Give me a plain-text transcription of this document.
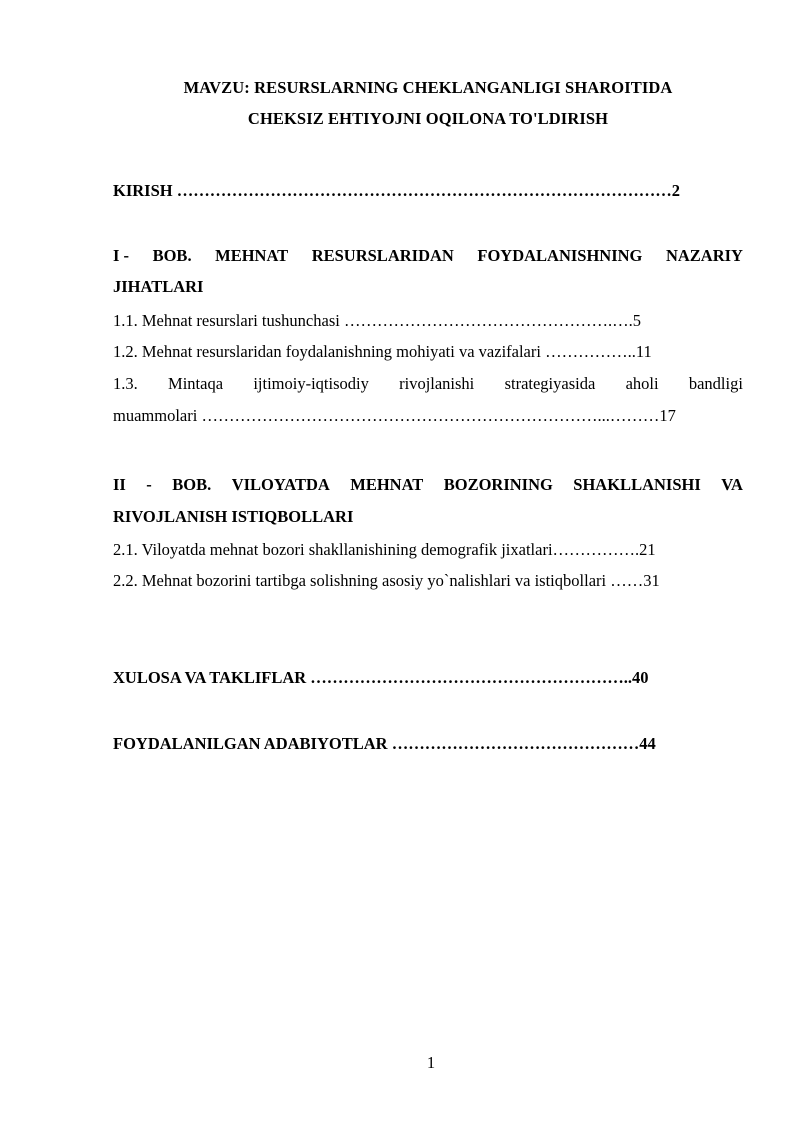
MAVZU: RESURSLARNING CHEKLANGANLIGI SHAROITIDA
CHEKSIZ EHTIYOJNI OQILONA TO'LDIRISH
KIRISH ………………………………………………………………………………2
I - BOB. MEHNAT RESURSLARIDAN FOYDALANISHNING NAZARIY
JIHATLARI
1.1. Mehnat resurslari tushunchasi ………………………………………….….5
1.2. Mehnat resurslaridan foydalanishning mohiyati va vazifalari ……………..11
1.3. Mintaqa ijtimoiy-iqtisodiy rivojlanishi strategiyasida aholi bandligi
muammolari ………………………………………………………………...………17
II - BOB. VILOYATDA MEHNAT BOZORINING SHAKLLANISHI VA
RIVOJLANISH ISTIQBOLLARI
2.1. Viloyatda mehnat bozori shakllanishining demografik jixatlari…………….21
2.2. Mehnat bozorini tartibga solishning asosiy yo`nalishlari va istiqbollari ……31
XULOSA VA TAKLIFLAR …………………………………………………..40
FOYDALANILGAN ADABIYOTLAR ………………………………………44
1
